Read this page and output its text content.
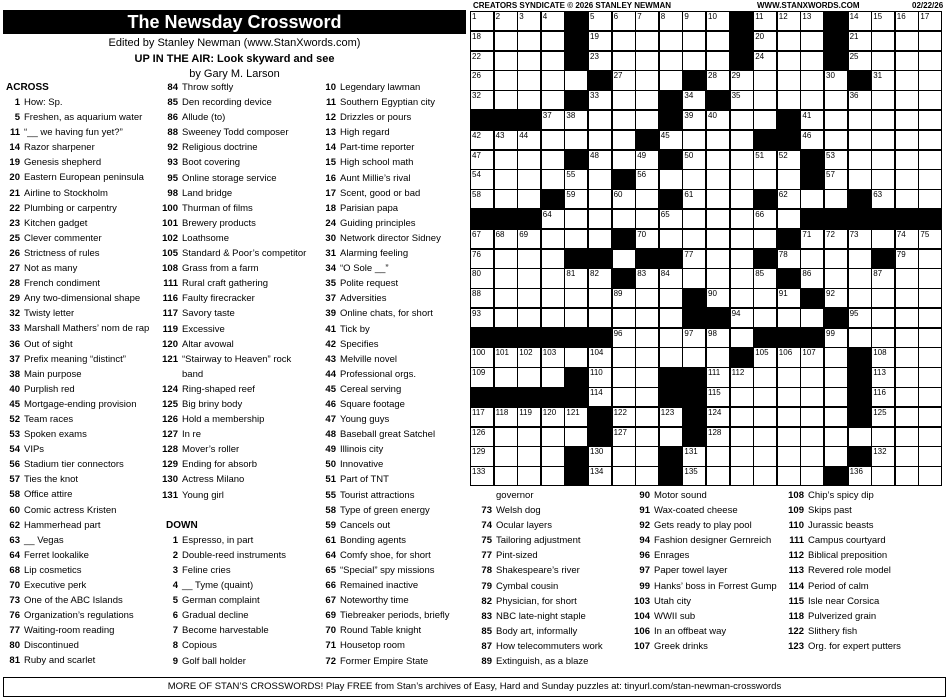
The Newsday Crossword
Edited by Stanley Newman (www.StanXwords.com)
UP IN THE AIR: Look skyward and see
by Gary M. Larson
CREATORS SYNDICATE © 2026 STANLEY NEWMAN	WWW.STANXWORDS.COM	02/22/26
ACROSS
1 How: Sp.
5 Freshen, as aquarium water
11 “__ we having fun yet?”
14 Razor sharpener
19 Genesis shepherd
20 Eastern European peninsula
21 Airline to Stockholm
22 Plumbing or carpentry
23 Kitchen gadget
25 Clever commenter
26 Strictness of rules
27 Not as many
28 French condiment
29 Any two-dimensional shape
32 Twisty letter
33 Marshall Mathers’ nom de rap
36 Out of sight
37 Prefix meaning “distinct”
38 Main purpose
40 Purplish red
45 Mortgage-ending provision
52 Team races
53 Spoken exams
54 VIPs
56 Stadium tier connectors
57 Ties the knot
58 Office attire
60 Comic actress Kristen
62 Hammerhead part
63 __ Vegas
64 Ferret lookalike
68 Lip cosmetics
70 Executive perk
73 One of the ABC Islands
76 Organization’s regulations
77 Waiting-room reading
80 Discontinued
81 Ruby and scarlet
84 Throw softly
85 Den recording device
86 Allude (to)
88 Sweeney Todd composer
92 Religious doctrine
93 Boot covering
95 Online storage service
98 Land bridge
100 Thurman of films
101 Brewery products
102 Loathsome
105 Standard & Poor’s competitor
108 Grass from a farm
111 Rural craft gathering
116 Faulty firecracker
117 Savory taste
119 Excessive
120 Altar avowal
121 “Stairway to Heaven” rock
band
124 Ring-shaped reef
125 Big briny body
126 Hold a membership
127 In re
128 Mover’s roller
129 Ending for absorb
130 Actress Milano
131 Young girl

DOWN
1 Espresso, in part
2 Double-reed instruments
3 Feline cries
4 __ Tyme (quaint)
5 German complaint
6 Gradual decline
7 Become harvestable
8 Copious
9 Golf ball holder
10 Legendary lawman
11 Southern Egyptian city
12 Drizzles or pours
13 High regard
14 Part-time reporter
15 High school math
16 Aunt Millie’s rival
17 Scent, good or bad
18 Parisian papa
24 Guiding principles
30 Network director Sidney
31 Alarming feeling
34 “O Sole __”
35 Polite request
37 Adversities
39 Online chats, for short
41 Tick by
42 Specifies
43 Melville novel
44 Professional orgs.
45 Cereal serving
46 Square footage
47 Young guys
48 Baseball great Satchel
49 Illinois city
50 Innovative
51 Part of TNT
55 Tourist attractions
58 Type of green energy
59 Cancels out
61 Bonding agents
64 Comfy shoe, for short
65 “Special” spy missions
66 Remained inactive
67 Noteworthy time
69 Tiebreaker periods, briefly
70 Round Table knight
71 Housetop room
72 Former Empire State
governor
73 Welsh dog
74 Ocular layers
75 Tailoring adjustment
77 Pint-sized
78 Shakespeare’s river
79 Cymbal cousin
82 Physician, for short
83 NBC late-night staple
85 Body art, informally
87 How telecommuters work
89 Extinguish, as a blaze
90 Motor sound
91 Wax-coated cheese
92 Gets ready to play pool
94 Fashion designer Gernreich
96 Enrages
97 Paper towel layer
99 Hanks’ boss in Forrest Gump
103 Utah city
104 WWII sub
106 In an offbeat way
107 Greek drinks
108 Chip’s spicy dip
109 Skips past
110 Jurassic beasts
111 Campus courtyard
112 Biblical preposition
113 Revered role model
114 Period of calm
115 Isle near Corsica
118 Pulverized grain
122 Slithery fish
123 Org. for expert putters
1 2 3 4	5 6 7 8 9 10	11 12 13	14 15 16 17
18	19	20	21
22	23	24	25
26	27	28 29	30	31
32	33	34	35	36
37 38	39 40	41
42 43 44	45	46
47	48	49	50	51 52	53
54	55	56	57
58	59	60	61	62	63
64	65	66
67 68 69	70	71 72 73	74 75
76	77	78	79
80	81 82	83 84	85	86	87
88	89	90	91	92
93	94	95
96	97 98	99
100 101 102 103	104	105 106 107	108
109	110	111 112	113
114	115	116
117 118 119 120 121	122	123	124	125
126	127	128
129	130	131	132
133	134	135	136
MORE OF STAN’S CROSSWORDS! Play FREE from Stan’s archives of Easy, Hard and Sunday puzzles at: tinyurl.com/stan-newman-crosswords
